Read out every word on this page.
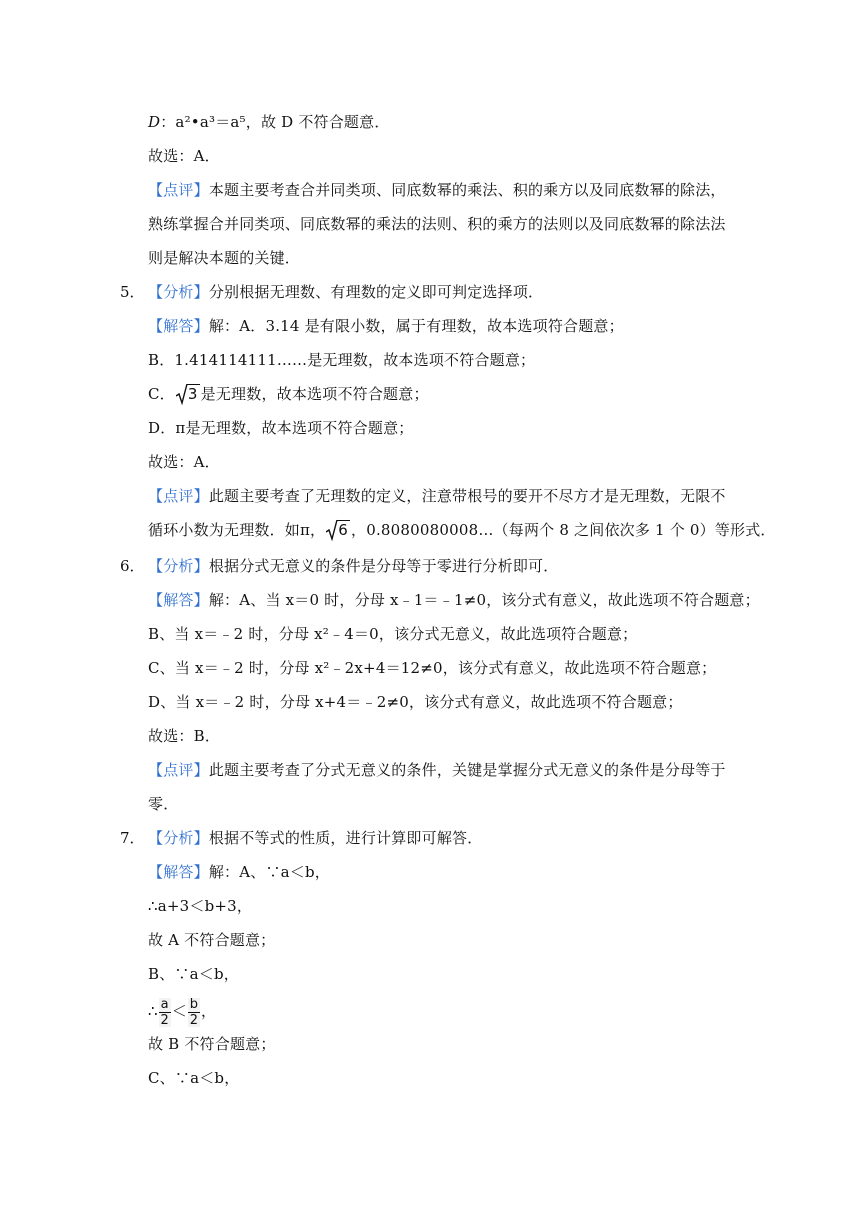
D：a²•a³＝a⁵，故 D 不符合题意．
故选：A．
【点评】本题主要考查合并同类项、同底数幂的乘法、积的乘方以及同底数幂的除法，
熟练掌握合并同类项、同底数幂的乘法的法则、积的乘方的法则以及同底数幂的除法法
则是解决本题的关键．
5． 【分析】分别根据无理数、有理数的定义即可判定选择项．
【解答】解：A．3.14 是有限小数，属于有理数，故本选项符合题意；
B．1.414114111……是无理数，故本选项不符合题意；
C． 3 是无理数，故本选项不符合题意；
D．π是无理数，故本选项不符合题意；
故选：A．
【点评】此题主要考查了无理数的定义，注意带根号的要开不尽方才是无理数，无限不
循环小数为无理数．如π， 6 ，0.8080080008…（每两个 8 之间依次多 1 个 0）等形式．
6． 【分析】根据分式无意义的条件是分母等于零进行分析即可．
【解答】解：A、当 x＝0 时，分母 x﹣1＝﹣1≠0，该分式有意义，故此选项不符合题意；
B、当 x＝﹣2 时，分母 x²﹣4＝0，该分式无意义，故此选项符合题意；
C、当 x＝﹣2 时，分母 x²﹣2x+4＝12≠0，该分式有意义，故此选项不符合题意；
D、当 x＝﹣2 时，分母 x+4＝﹣2≠0，该分式有意义，故此选项不符合题意；
故选：B．
【点评】此题主要考查了分式无意义的条件，关键是掌握分式无意义的条件是分母等于
零．
7． 【分析】根据不等式的性质，进行计算即可解答．
【解答】解：A、∵a＜b，
∴a+3＜b+3，
故 A 不符合题意；
B、∵a＜b，
∴ $\frac{a}{2} < \frac{b}{2}$ ，
故 B 不符合题意；
C、∵a＜b，
